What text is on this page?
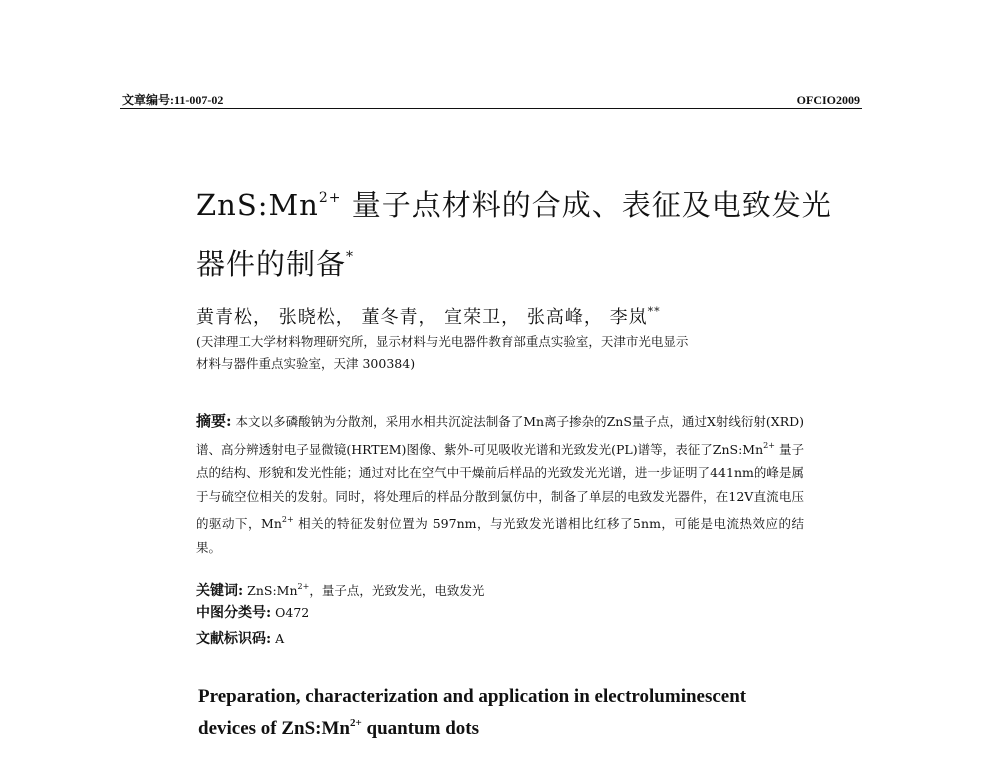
文章编号:11-007-02	OFCIO2009
$ZnS:Mn^{2+}$ 量子点材料的合成、表征及电致发光
器件的制备*
黄青松， 张晓松， 董冬青， 宣荣卫， 张高峰， 李岚**
(天津理工大学材料物理研究所，显示材料与光电器件教育部重点实验室，天津市光电显示
材料与器件重点实验室，天津 300384)
摘要: 本文以多磷酸钠为分散剂，采用水相共沉淀法制备了Mn离子掺杂的ZnS量子点，通过X射线衍射(XRD)谱、高分辨透射电子显微镜(HRTEM)图像、紫外-可见吸收光谱和光致发光(PL)谱等，表征了$ZnS:Mn^{2+}$ 量子点的结构、形貌和发光性能；通过对比在空气中干燥前后样品的光致发光光谱，进一步证明了441nm的峰是属于与硫空位相关的发射。同时，将处理后的样品分散到氯仿中，制备了单层的电致发光器件，在12V直流电压的驱动下，$Mn^{2+}$ 相关的特征发射位置为 597nm，与光致发光谱相比红移了5nm，可能是电流热效应的结果。
关键词: $ZnS:Mn^{2+}$，量子点，光致发光，电致发光
中图分类号: O472
文献标识码: A
Preparation, characterization and application in electroluminescent
devices of $ZnS:Mn^{2+}$ quantum dots
